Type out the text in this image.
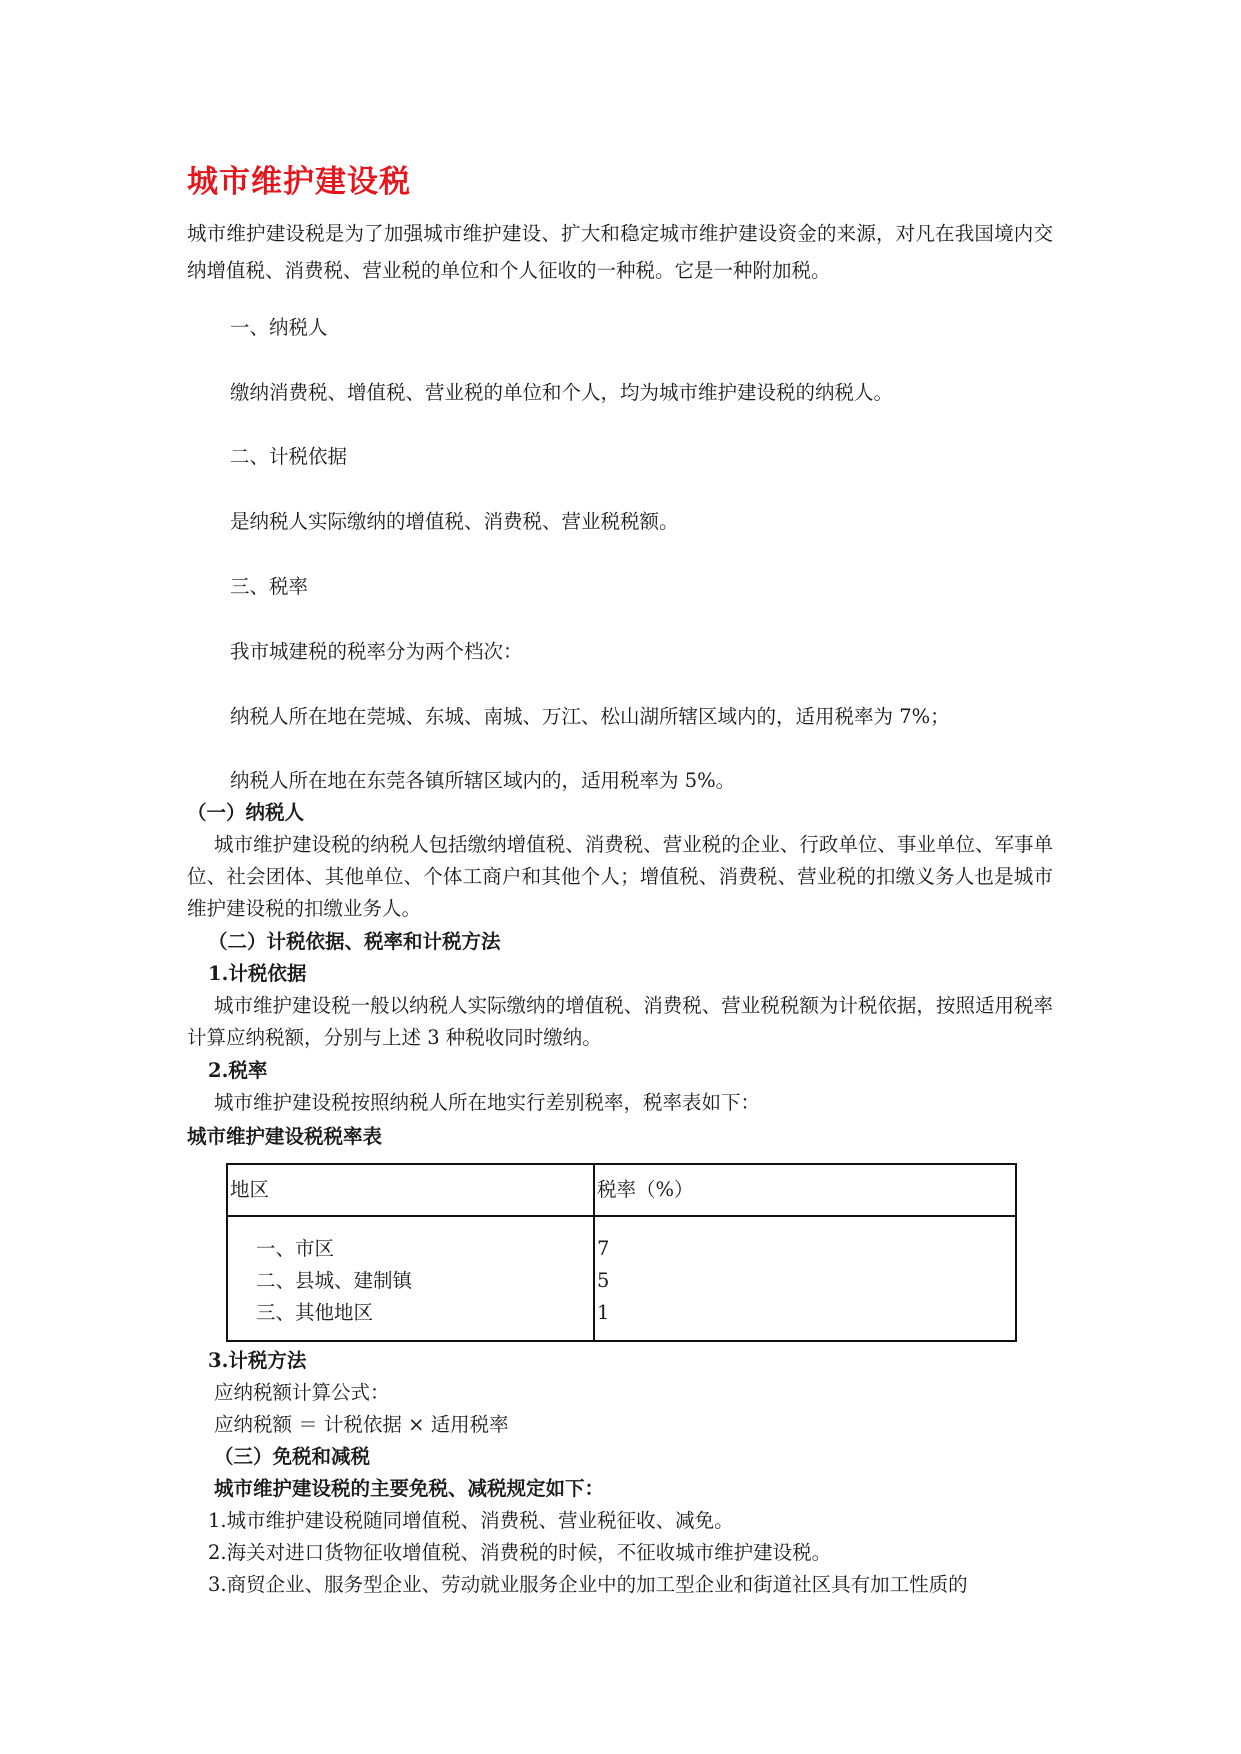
城市维护建设税

城市维护建设税是为了加强城市维护建设、扩大和稳定城市维护建设资金的来源，对凡在我国境内交纳增值税、消费税、营业税的单位和个人征收的一种税。它是一种附加税。

一、纳税人

缴纳消费税、增值税、营业税的单位和个人，均为城市维护建设税的纳税人。

二、计税依据

是纳税人实际缴纳的增值税、消费税、营业税税额。

三、税率

我市城建税的税率分为两个档次：

纳税人所在地在莞城、东城、南城、万江、松山湖所辖区域内的，适用税率为 7%；

纳税人所在地在东莞各镇所辖区域内的，适用税率为 5%。

（一）纳税人

城市维护建设税的纳税人包括缴纳增值税、消费税、营业税的企业、行政单位、事业单位、军事单位、社会团体、其他单位、个体工商户和其他个人；增值税、消费税、营业税的扣缴义务人也是城市维护建设税的扣缴业务人。

（二）计税依据、税率和计税方法

1.计税依据

城市维护建设税一般以纳税人实际缴纳的增值税、消费税、营业税税额为计税依据，按照适用税率计算应纳税额，分别与上述 3 种税收同时缴纳。

2.税率

城市维护建设税按照纳税人所在地实行差别税率，税率表如下：

城市维护建设税税率表

地区	税率（%）
一、市区
二、县城、建制镇
三、其他地区
7
5
1

3.计税方法

应纳税额计算公式：

应纳税额 ＝ 计税依据 × 适用税率

（三）免税和减税

城市维护建设税的主要免税、减税规定如下：

1.城市维护建设税随同增值税、消费税、营业税征收、减免。

2.海关对进口货物征收增值税、消费税的时候，不征收城市维护建设税。

3.商贸企业、服务型企业、劳动就业服务企业中的加工型企业和街道社区具有加工性质的
